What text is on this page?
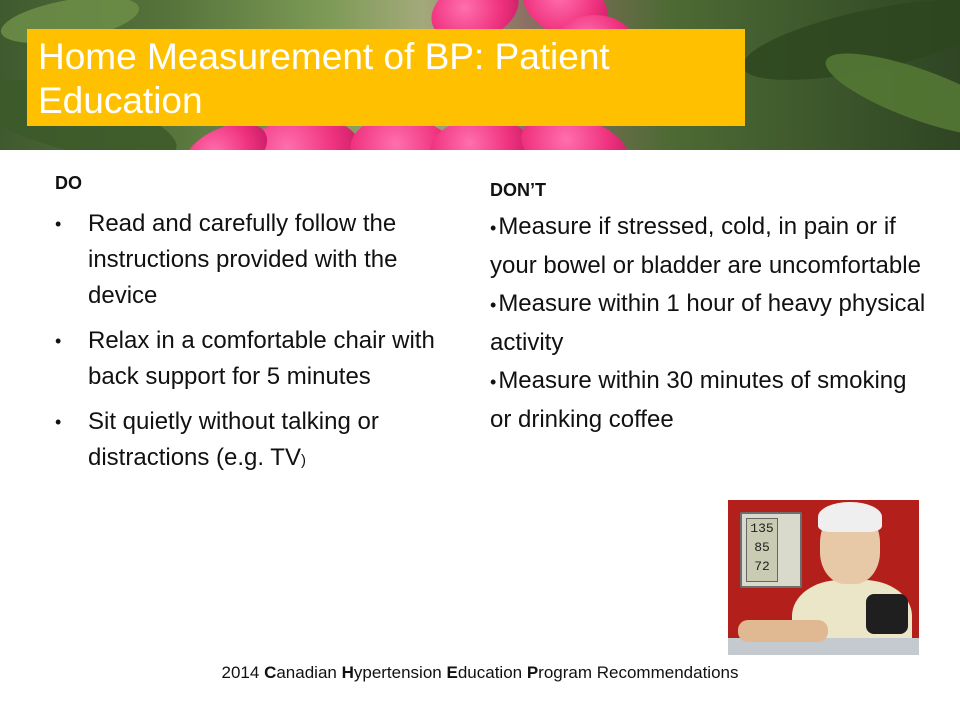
Home Measurement of BP: Patient Education
DO
• Read and carefully follow the instructions provided with the device
• Relax in a comfortable chair with back support for 5 minutes
• Sit quietly without talking or distractions (e.g. TV)
DON’T
•Measure if stressed, cold, in pain or if your bowel or bladder are uncomfortable
•Measure within 1 hour of heavy physical activity
•Measure within 30 minutes of smoking or drinking coffee
135
85
72
2014 Canadian Hypertension Education Program Recommendations
